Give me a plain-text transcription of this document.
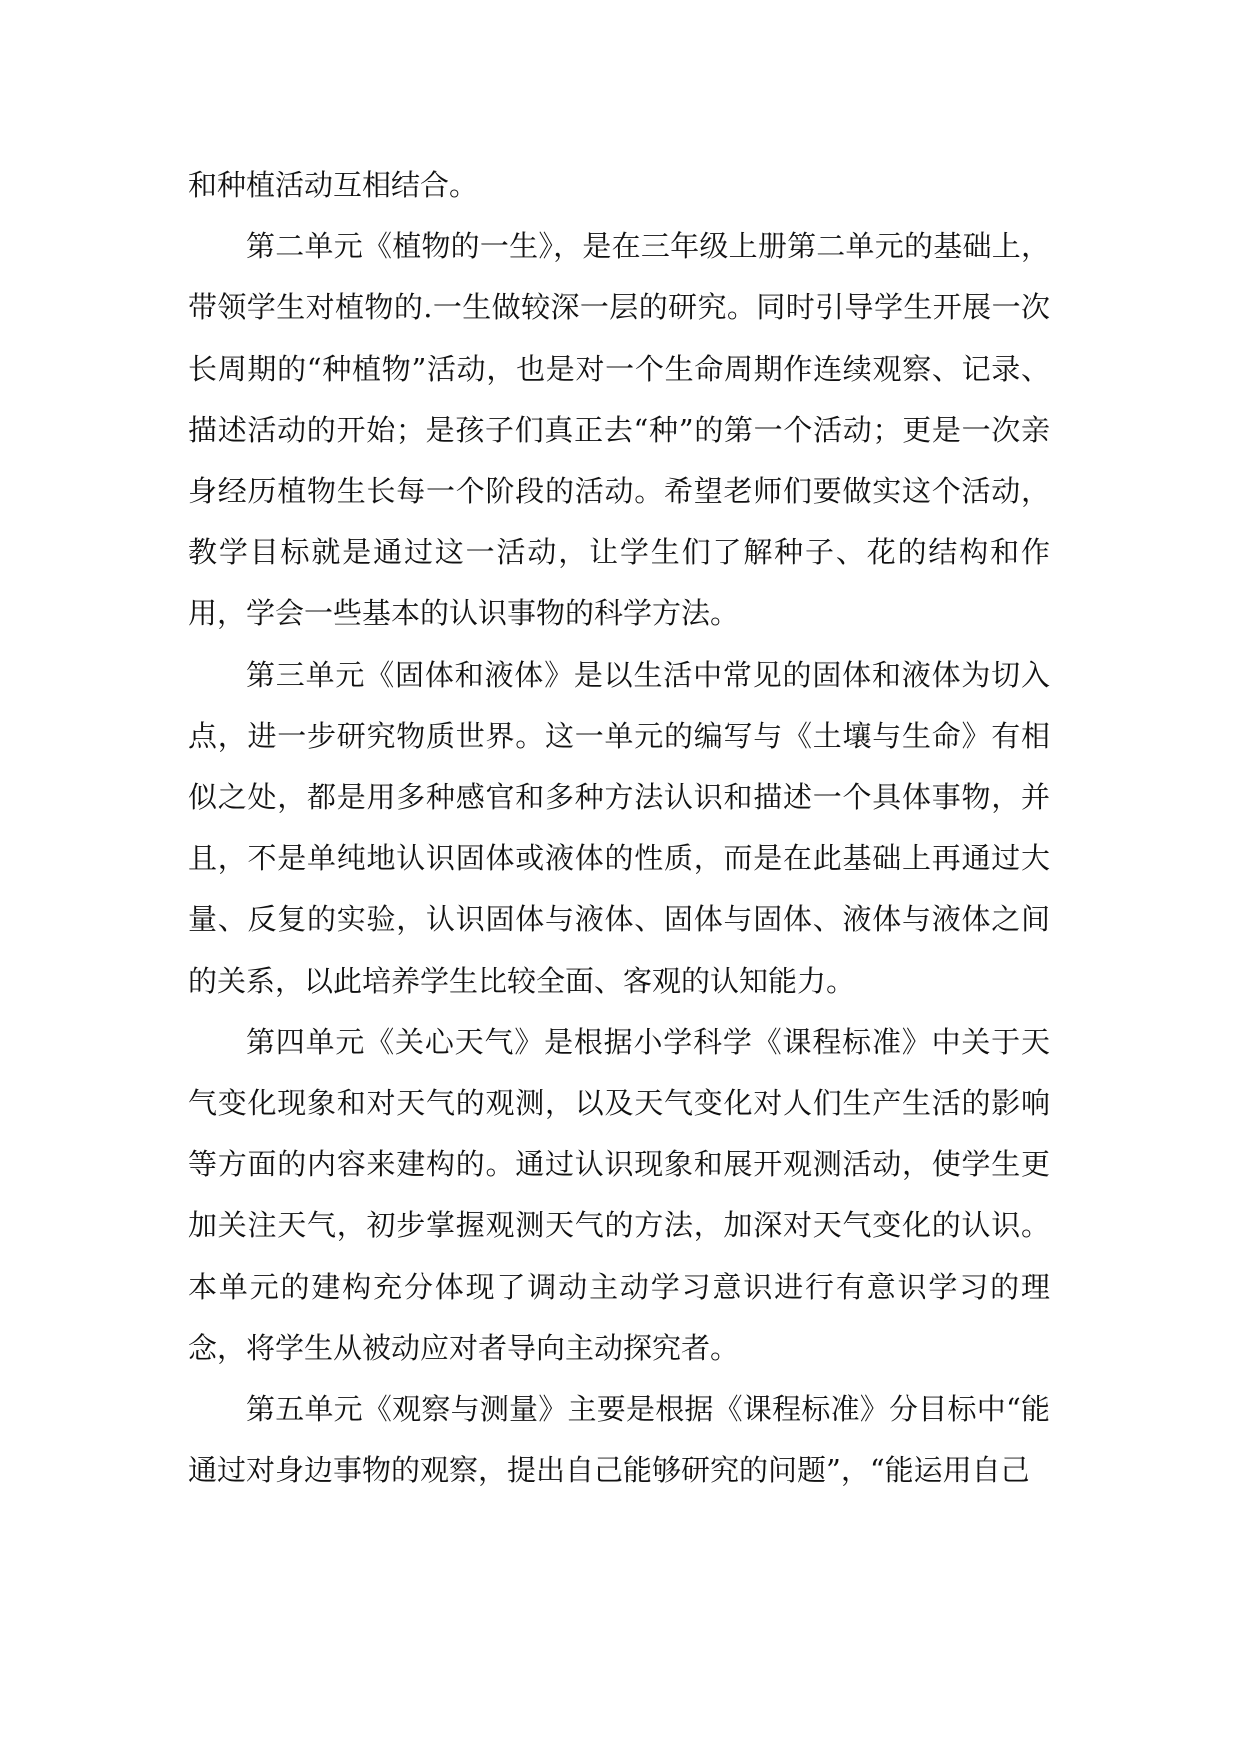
和种植活动互相结合。

第二单元《植物的一生》，是在三年级上册第二单元的基础上，带领学生对植物的.一生做较深一层的研究。同时引导学生开展一次长周期的“种植物”活动，也是对一个生命周期作连续观察、记录、描述活动的开始；是孩子们真正去“种”的第一个活动；更是一次亲身经历植物生长每一个阶段的活动。希望老师们要做实这个活动，教学目标就是通过这一活动，让学生们了解种子、花的结构和作用，学会一些基本的认识事物的科学方法。

第三单元《固体和液体》是以生活中常见的固体和液体为切入点，进一步研究物质世界。这一单元的编写与《土壤与生命》有相似之处，都是用多种感官和多种方法认识和描述一个具体事物，并且，不是单纯地认识固体或液体的性质，而是在此基础上再通过大量、反复的实验，认识固体与液体、固体与固体、液体与液体之间的关系，以此培养学生比较全面、客观的认知能力。

第四单元《关心天气》是根据小学科学《课程标准》中关于天气变化现象和对天气的观测，以及天气变化对人们生产生活的影响等方面的内容来建构的。通过认识现象和展开观测活动，使学生更加关注天气，初步掌握观测天气的方法，加深对天气变化的认识。本单元的建构充分体现了调动主动学习意识进行有意识学习的理念，将学生从被动应对者导向主动探究者。

第五单元《观察与测量》主要是根据《课程标准》分目标中“能通过对身边事物的观察，提出自己能够研究的问题”，“能运用自己
